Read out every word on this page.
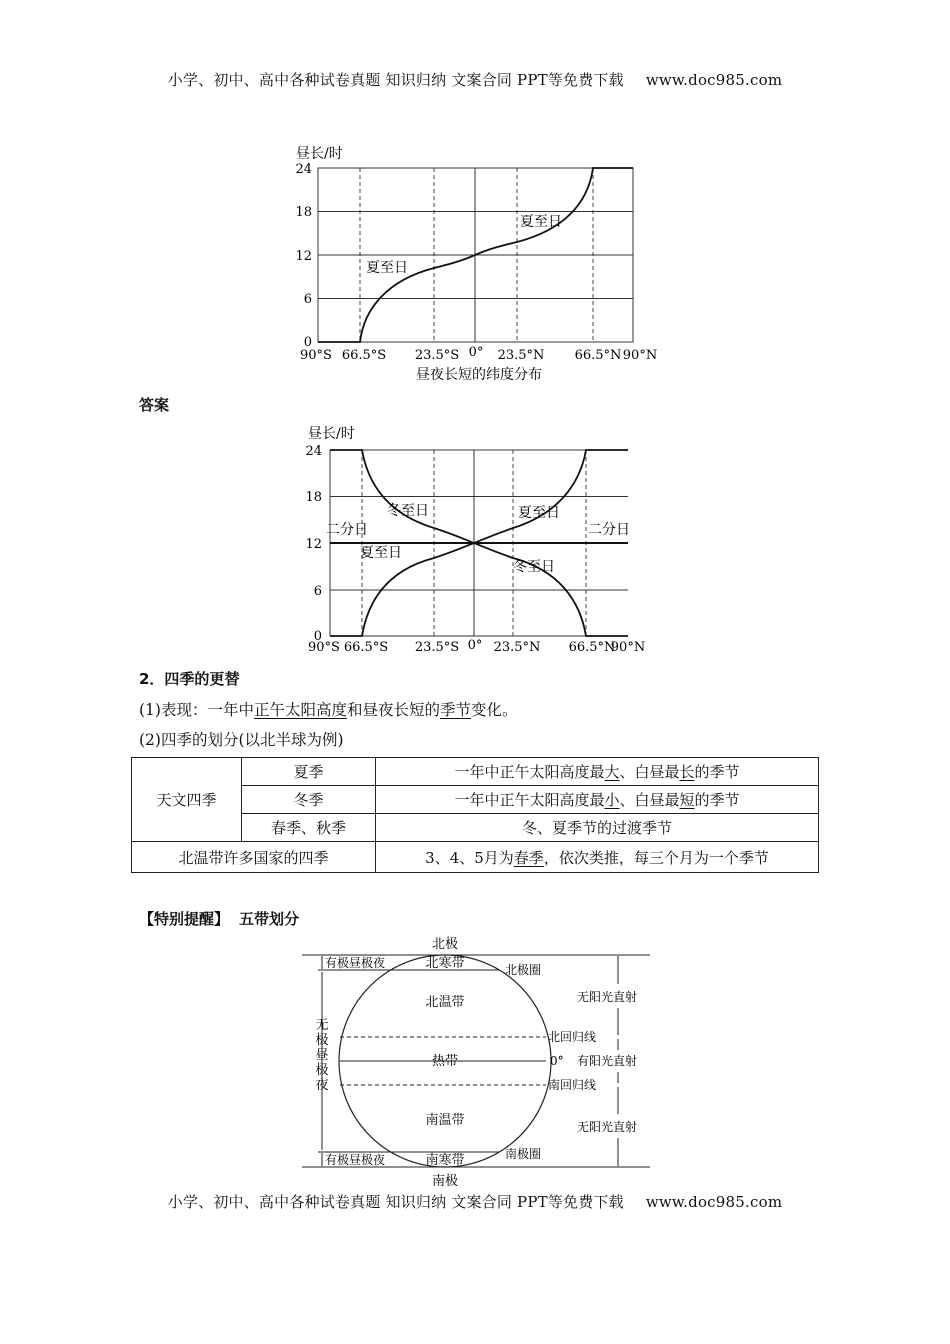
小学、初中、高中各种试卷真题 知识归纳 文案合同 PPT等免费下载 www.doc985.com
昼长/时
24
18
12
6
0
90°S 66.5°S 23.5°S 0° 23.5°N 66.5°N 90°N
夏至日
夏至日
昼夜长短的纬度分布
答案
昼长/时
24
18
12
6
0
90°S 66.5°S 23.5°S 0° 23.5°N 66.5°N
90°N
冬至日	夏至日
二分日	二分日
夏至日
冬至日
2．四季的更替
(1)表现：一年中正午太阳高度和昼夜长短的季节变化。
(2)四季的划分(以北半球为例)
天文四季	夏季	一年中正午太阳高度最大、白昼最长的季节
	冬季	一年中正午太阳高度最小、白昼最短的季节
	春季、秋季	冬、夏季节的过渡季节
北温带许多国家的四季		3、4、5月为春季，依次类推，每三个月为一个季节
【特别提醒】 五带划分
北极
南极
有极昼极夜
有极昼极夜
无
极
昼
极
夜
北寒带
北温带
热带
南温带
南寒带
北极圈
北回归线
0°
南回归线
南极圈
无阳光直射
有阳光直射
无阳光直射
小学、初中、高中各种试卷真题 知识归纳 文案合同 PPT等免费下载 www.doc985.com
